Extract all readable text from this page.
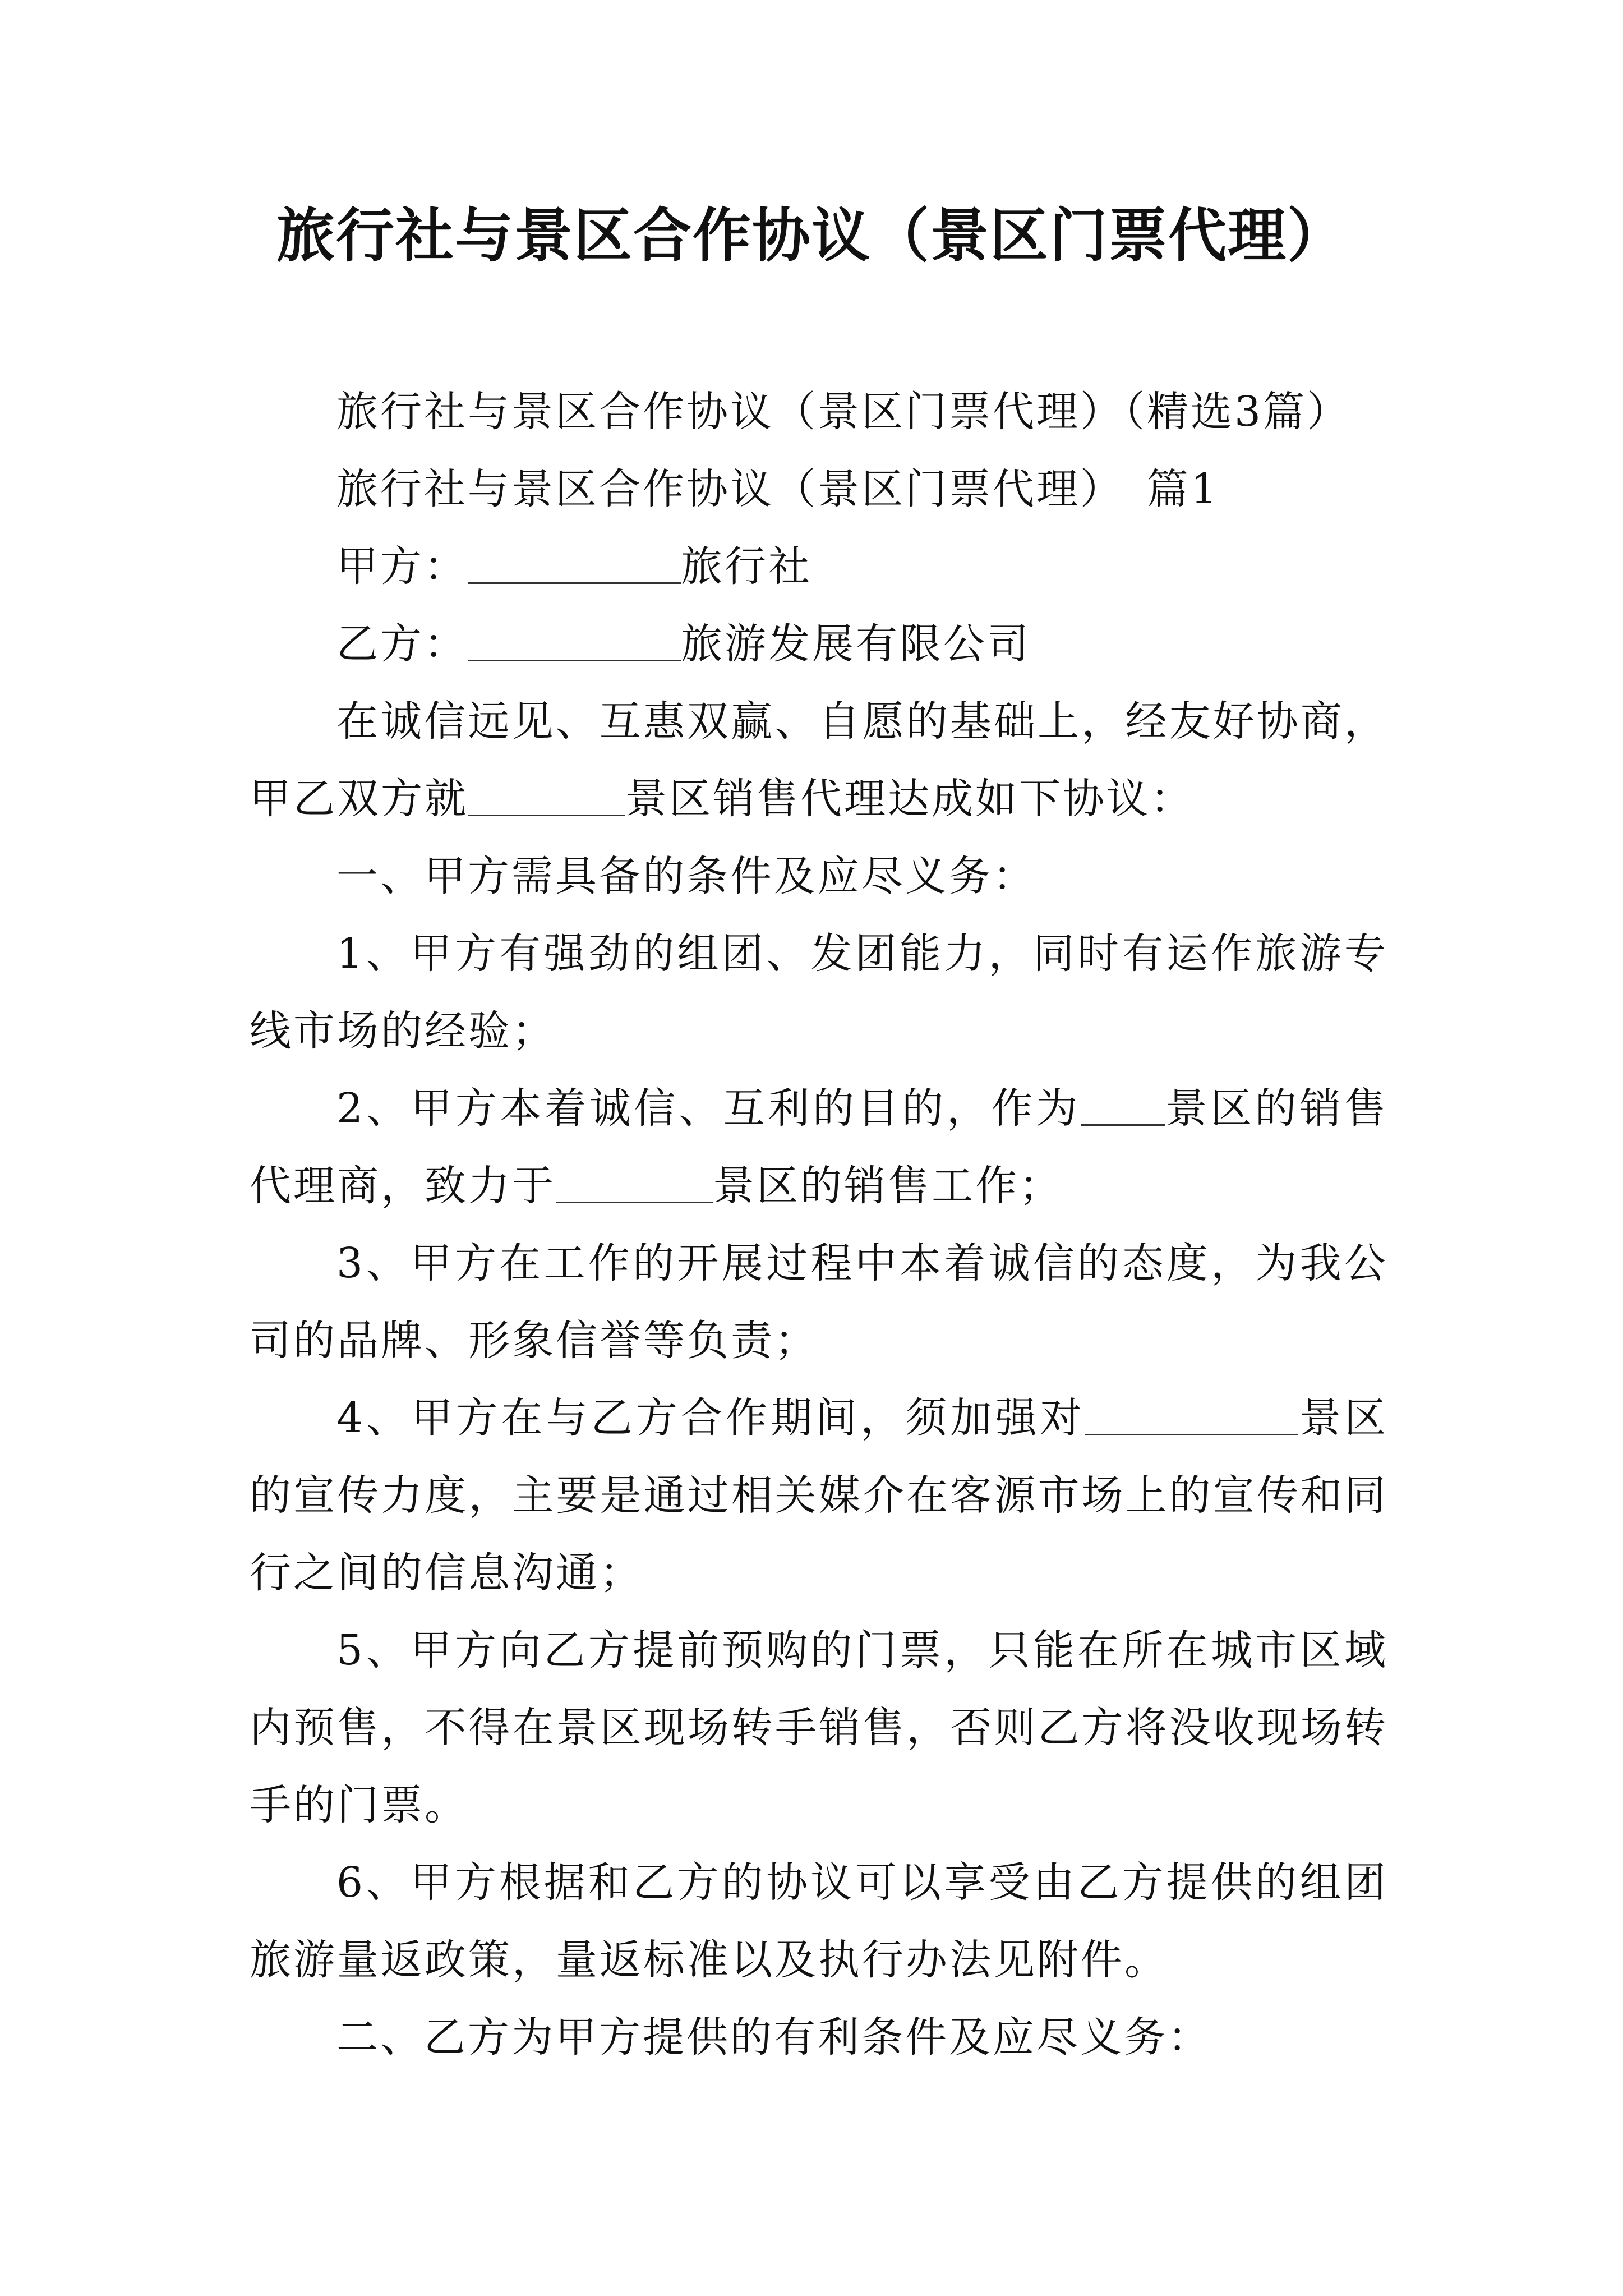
旅行社与景区合作协议（景区门票代理）

旅行社与景区合作协议（景区门票代理）（精选3篇）

旅行社与景区合作协议（景区门票代理）　篇1

甲方：	旅行社

乙方：	旅游发展有限公司

在诚信远见、互惠双赢、自愿的基础上，经友好协商，甲乙双方就	景区销售代理达成如下协议：

一、甲方需具备的条件及应尽义务：

1、甲方有强劲的组团、发团能力，同时有运作旅游专线市场的经验；

2、甲方本着诚信、互利的目的，作为 景区的销售代理商，致力于	景区的销售工作；

3、甲方在工作的开展过程中本着诚信的态度，为我公司的品牌、形象信誉等负责；

4、甲方在与乙方合作期间，须加强对	景区的宣传力度，主要是通过相关媒介在客源市场上的宣传和同行之间的信息沟通；

5、甲方向乙方提前预购的门票，只能在所在城市区域内预售，不得在景区现场转手销售，否则乙方将没收现场转手的门票。

6、甲方根据和乙方的协议可以享受由乙方提供的组团旅游量返政策，量返标准以及执行办法见附件。

二、乙方为甲方提供的有利条件及应尽义务：
